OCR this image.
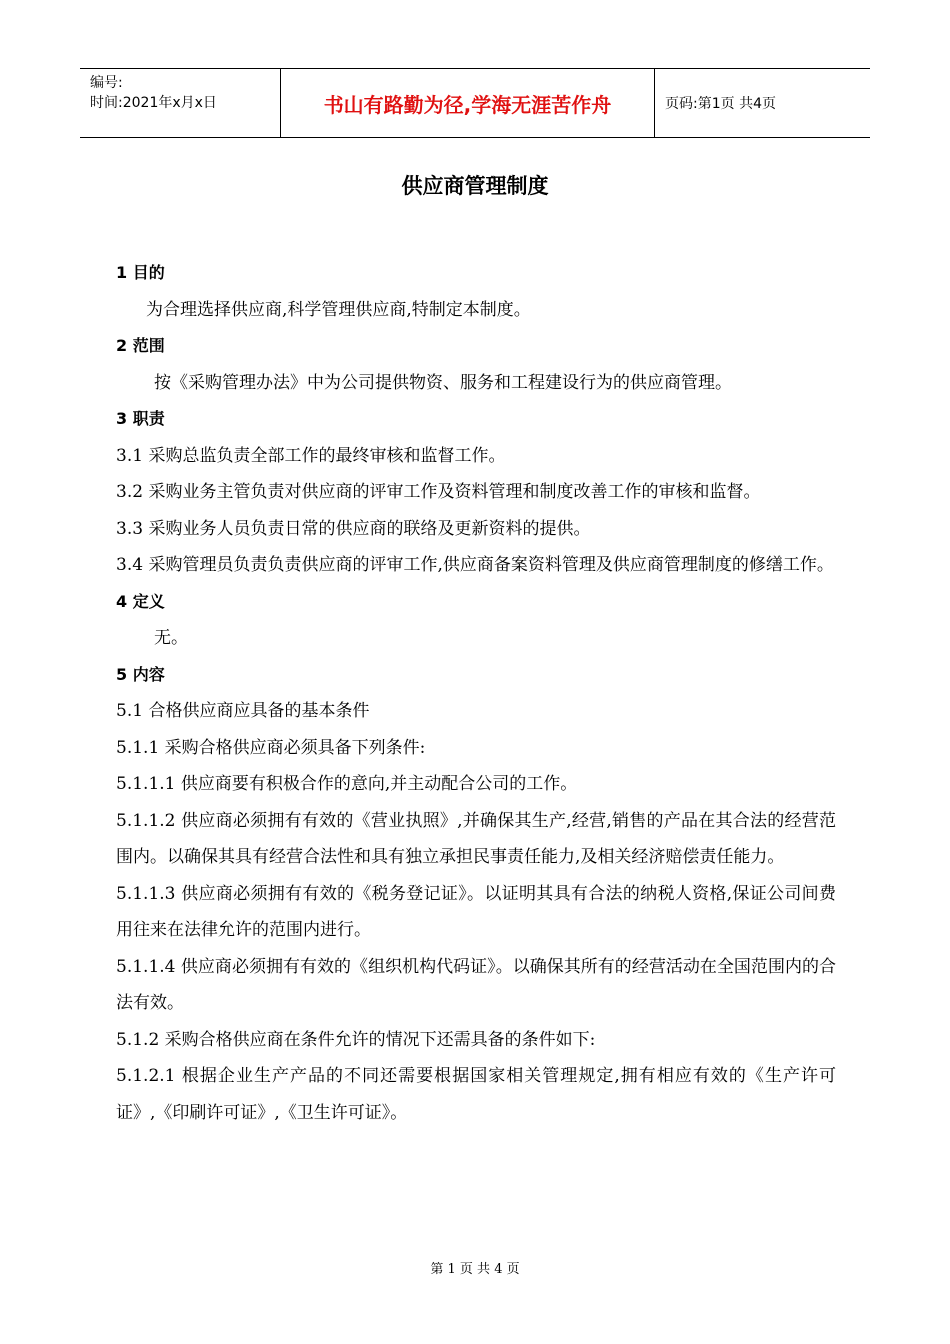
编号:
时间:2021年x月x日	书山有路勤为径,学海无涯苦作舟	页码:第1页 共4页
供应商管理制度

1 目的

为合理选择供应商,科学管理供应商,特制定本制度。

2 范围

按《采购管理办法》中为公司提供物资、服务和工程建设行为的供应商管理。

3 职责

3.1 采购总监负责全部工作的最终审核和监督工作。

3.2 采购业务主管负责对供应商的评审工作及资料管理和制度改善工作的审核和监督。

3.3 采购业务人员负责日常的供应商的联络及更新资料的提供。

3.4 采购管理员负责负责供应商的评审工作,供应商备案资料管理及供应商管理制度的修缮工作。

4 定义

无。

5 内容

5.1 合格供应商应具备的基本条件

5.1.1 采购合格供应商必须具备下列条件:

5.1.1.1 供应商要有积极合作的意向,并主动配合公司的工作。

5.1.1.2 供应商必须拥有有效的《营业执照》,并确保其生产,经营,销售的产品在其合法的经营范围内。以确保其具有经营合法性和具有独立承担民事责任能力,及相关经济赔偿责任能力。

5.1.1.3 供应商必须拥有有效的《税务登记证》。以证明其具有合法的纳税人资格,保证公司间费用往来在法律允许的范围内进行。

5.1.1.4 供应商必须拥有有效的《组织机构代码证》。以确保其所有的经营活动在全国范围内的合法有效。

5.1.2 采购合格供应商在条件允许的情况下还需具备的条件如下:

5.1.2.1 根据企业生产产品的不同还需要根据国家相关管理规定,拥有相应有效的《生产许可证》,《印刷许可证》,《卫生许可证》。

第 1 页 共 4 页
